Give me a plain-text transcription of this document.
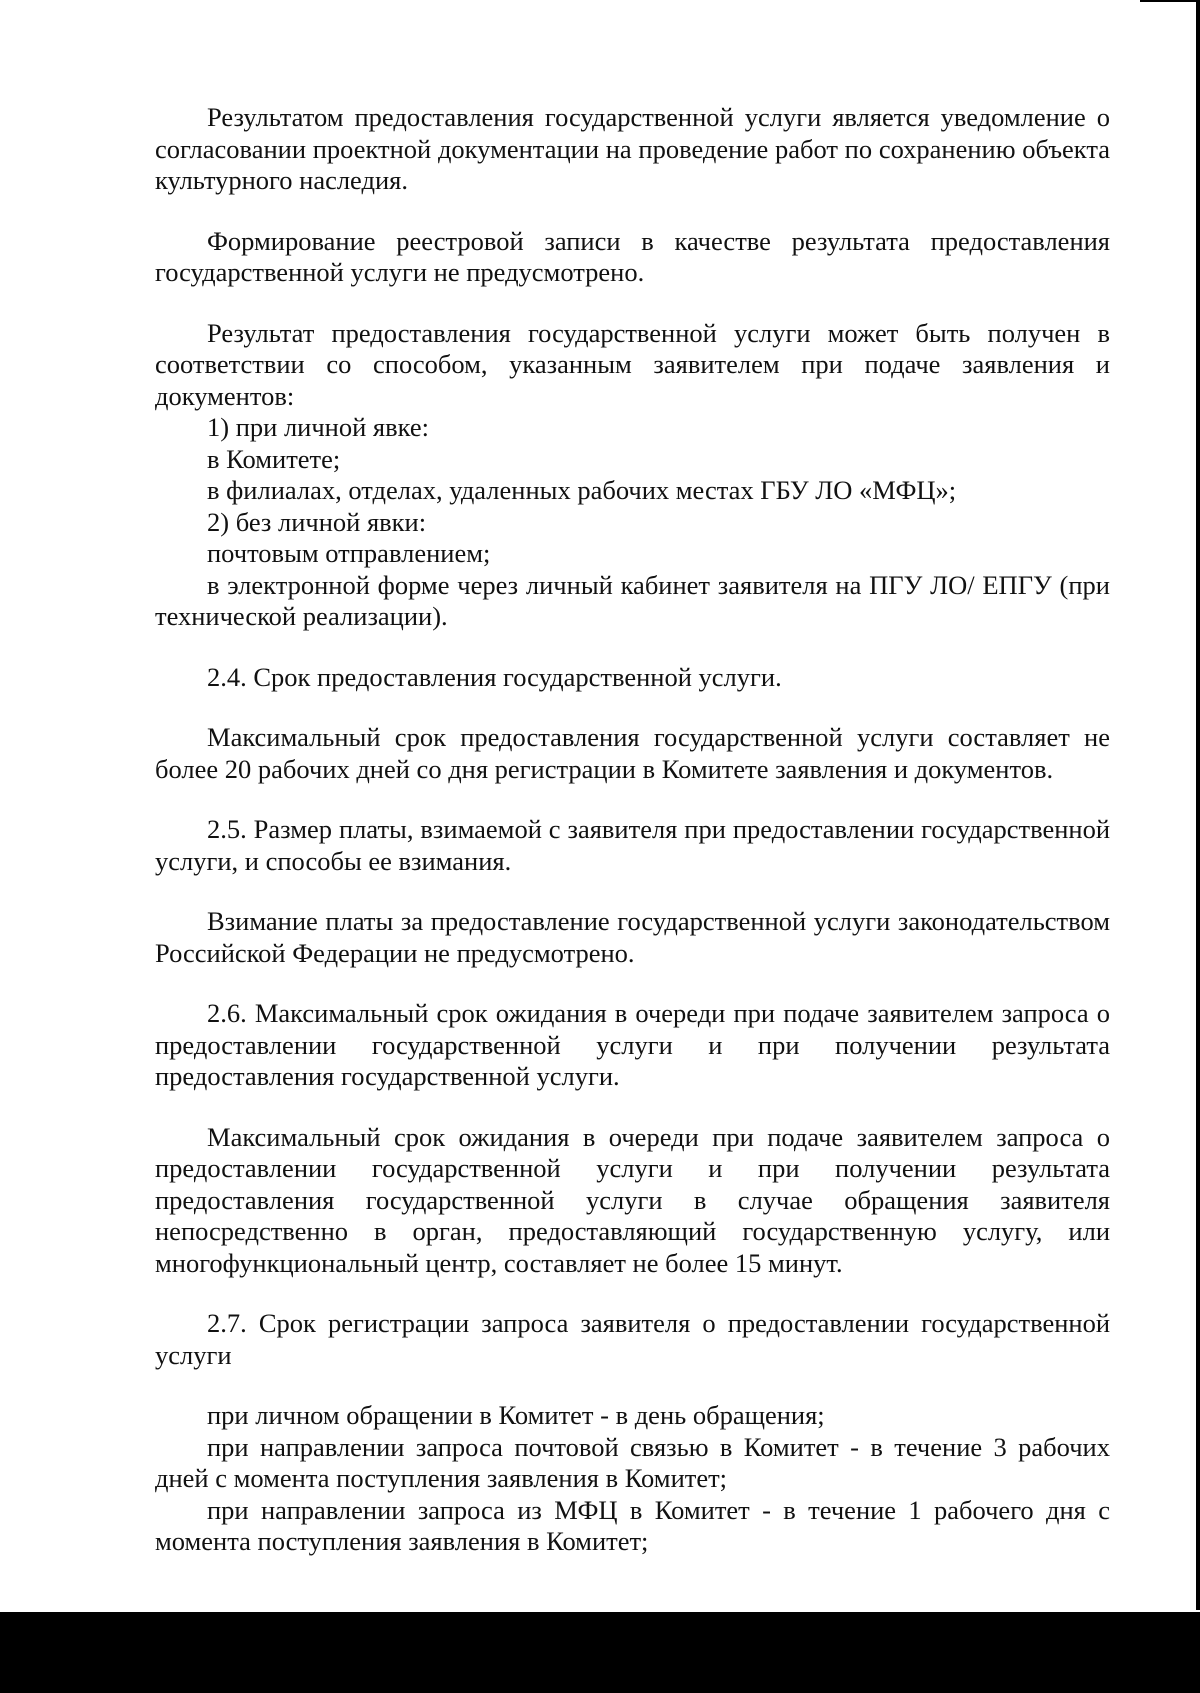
Результатом предоставления государственной услуги является уведомление о согласовании проектной документации на проведение работ по сохранению объекта культурного наследия.

Формирование реестровой записи в качестве результата предоставления государственной услуги не предусмотрено.

Результат предоставления государственной услуги может быть получен в соответствии со способом, указанным заявителем при подаче заявления и документов:

1) при личной явке:

в Комитете;

в филиалах, отделах, удаленных рабочих местах ГБУ ЛО «МФЦ»;

2) без личной явки:

почтовым отправлением;

в электронной форме через личный кабинет заявителя на ПГУ ЛО/ ЕПГУ (при технической реализации).

2.4. Срок предоставления государственной услуги.

Максимальный срок предоставления государственной услуги составляет не более 20 рабочих дней со дня регистрации в Комитете заявления и документов.

2.5. Размер платы, взимаемой с заявителя при предоставлении государственной услуги, и способы ее взимания.

Взимание платы за предоставление государственной услуги законодательством Российской Федерации не предусмотрено.

2.6. Максимальный срок ожидания в очереди при подаче заявителем запроса о предоставлении государственной услуги и при получении результата предоставления государственной услуги.

Максимальный срок ожидания в очереди при подаче заявителем запроса о предоставлении государственной услуги и при получении результата предоставления государственной услуги в случае обращения заявителя непосредственно в орган, предоставляющий государственную услугу, или многофункциональный центр, составляет не более 15 минут.

2.7. Срок регистрации запроса заявителя о предоставлении государственной услуги

при личном обращении в Комитет - в день обращения;

при направлении запроса почтовой связью в Комитет - в течение 3 рабочих дней с момента поступления заявления в Комитет;

при направлении запроса из МФЦ в Комитет - в течение 1 рабочего дня с момента поступления заявления в Комитет;
